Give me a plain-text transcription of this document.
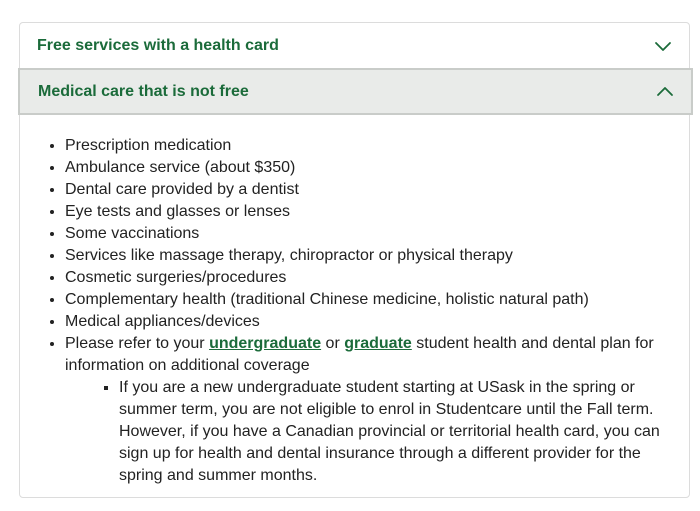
Free services with a health card
Medical care that is not free
• Prescription medication
• Ambulance service (about $350)
• Dental care provided by a dentist
• Eye tests and glasses or lenses
• Some vaccinations
• Services like massage therapy, chiropractor or physical therapy
• Cosmetic surgeries/procedures
• Complementary health (traditional Chinese medicine, holistic natural path)
• Medical appliances/devices
• Please refer to your undergraduate or graduate student health and dental plan for information on additional coverage
▪ If you are a new undergraduate student starting at USask in the spring or summer term, you are not eligible to enrol in Studentcare until the Fall term. However, if you have a Canadian provincial or territorial health card, you can sign up for health and dental insurance through a different provider for the spring and summer months.
